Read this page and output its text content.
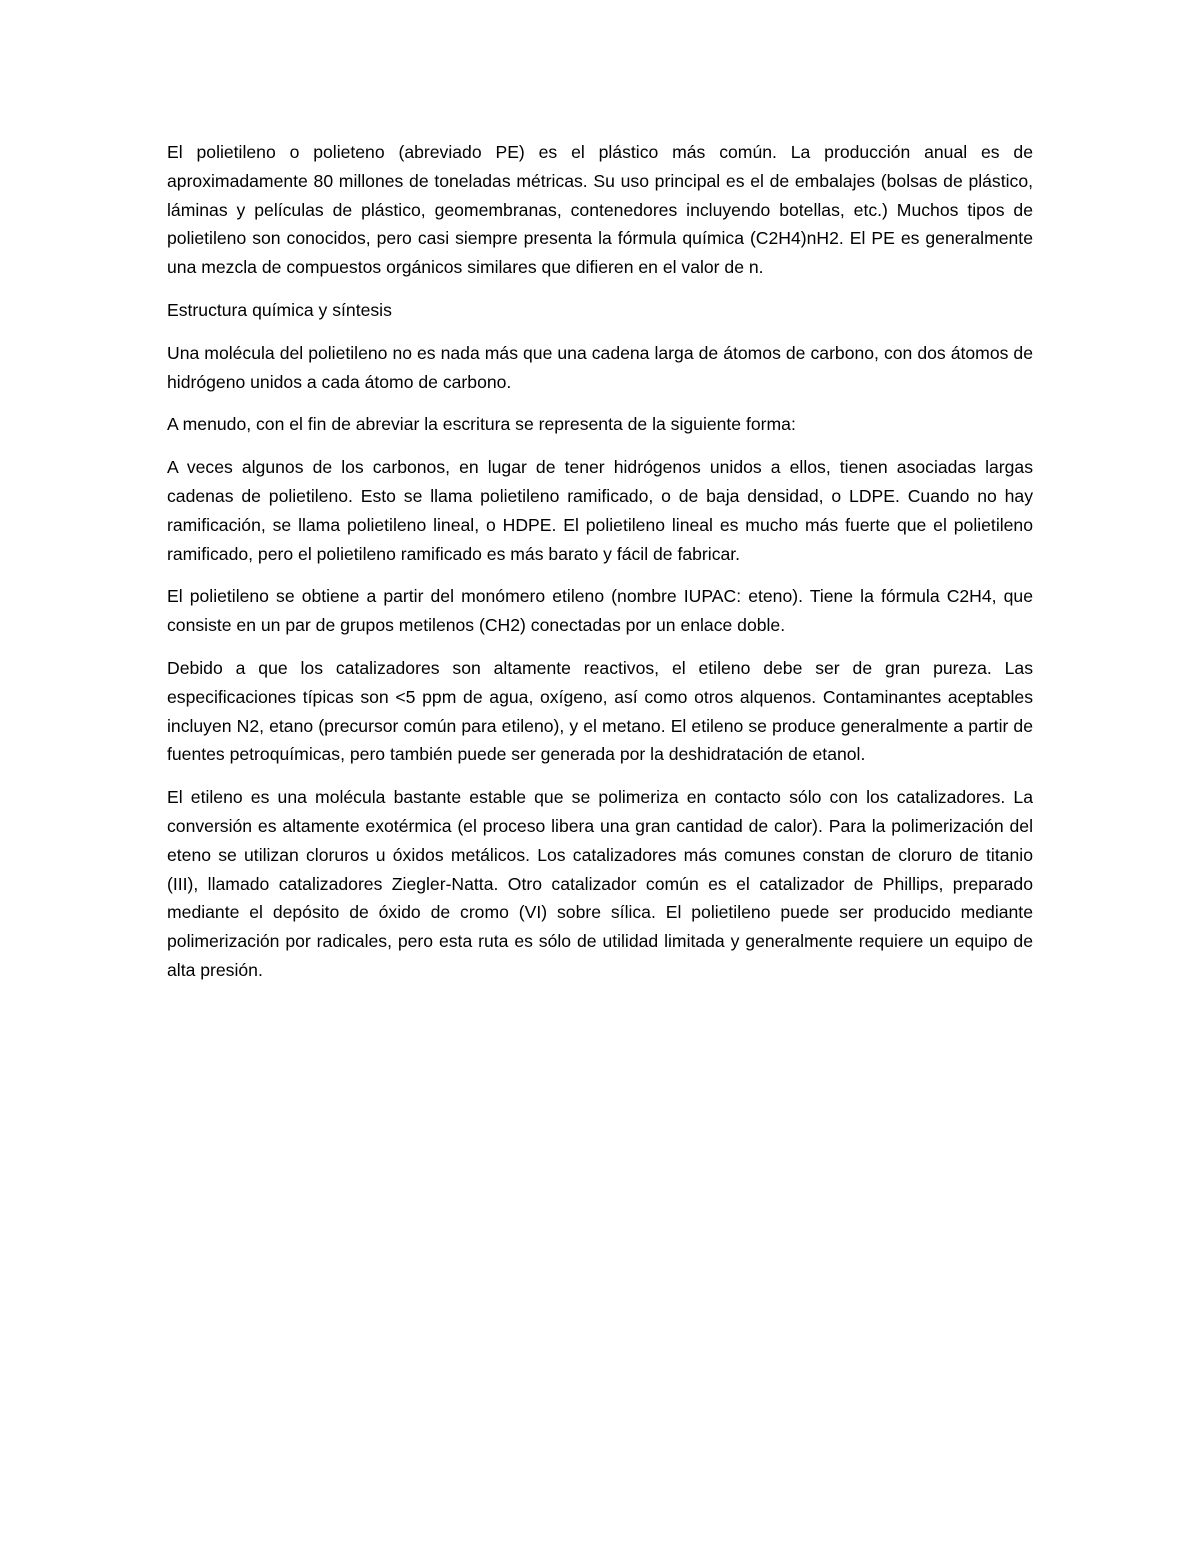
El polietileno o polieteno (abreviado PE) es el plástico más común. La producción anual es de aproximadamente 80 millones de toneladas métricas. Su uso principal es el de embalajes (bolsas de plástico, láminas y películas de plástico, geomembranas, contenedores incluyendo botellas, etc.) Muchos tipos de polietileno son conocidos, pero casi siempre presenta la fórmula química (C2H4)nH2. El PE es generalmente una mezcla de compuestos orgánicos similares que difieren en el valor de n.

Estructura química y síntesis

Una molécula del polietileno no es nada más que una cadena larga de átomos de carbono, con dos átomos de hidrógeno unidos a cada átomo de carbono.

A menudo, con el fin de abreviar la escritura se representa de la siguiente forma:

A veces algunos de los carbonos, en lugar de tener hidrógenos unidos a ellos, tienen asociadas largas cadenas de polietileno. Esto se llama polietileno ramificado, o de baja densidad, o LDPE. Cuando no hay ramificación, se llama polietileno lineal, o HDPE. El polietileno lineal es mucho más fuerte que el polietileno ramificado, pero el polietileno ramificado es más barato y fácil de fabricar.

El polietileno se obtiene a partir del monómero etileno (nombre IUPAC: eteno). Tiene la fórmula C2H4, que consiste en un par de grupos metilenos (CH2) conectadas por un enlace doble.

Debido a que los catalizadores son altamente reactivos, el etileno debe ser de gran pureza. Las especificaciones típicas son <5 ppm de agua, oxígeno, así como otros alquenos. Contaminantes aceptables incluyen N2, etano (precursor común para etileno), y el metano. El etileno se produce generalmente a partir de fuentes petroquímicas, pero también puede ser generada por la deshidratación de etanol.

El etileno es una molécula bastante estable que se polimeriza en contacto sólo con los catalizadores. La conversión es altamente exotérmica (el proceso libera una gran cantidad de calor). Para la polimerización del eteno se utilizan cloruros u óxidos metálicos. Los catalizadores más comunes constan de cloruro de titanio (III), llamado catalizadores Ziegler-Natta. Otro catalizador común es el catalizador de Phillips, preparado mediante el depósito de óxido de cromo (VI) sobre sílica. El polietileno puede ser producido mediante polimerización por radicales, pero esta ruta es sólo de utilidad limitada y generalmente requiere un equipo de alta presión.
